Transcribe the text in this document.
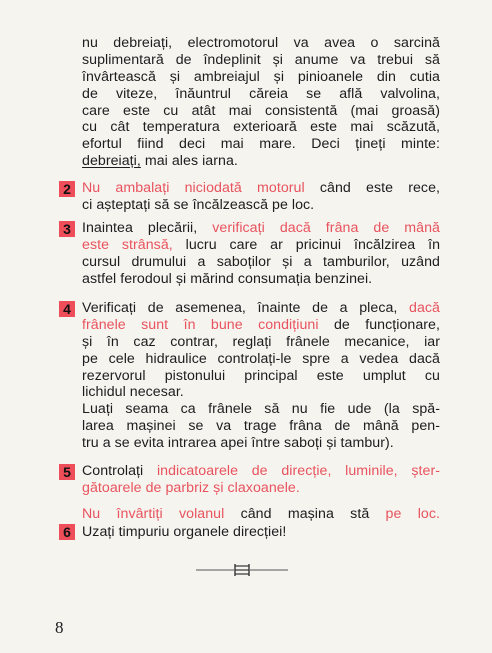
nu debreiați, electromotorul va avea o sarcină
suplimentară de îndeplinit și anume va trebui să
învârtească și ambreiajul și pinioanele din cutia
de viteze, înăuntrul căreia se află valvolina,
care este cu atât mai consistentă (mai groasă)
cu cât temperatura exterioară este mai scăzută,
efortul fiind deci mai mare. Deci țineți minte:
debreiați, mai ales iarna.
2 Nu ambalați niciodată motorul când este rece,
ci așteptați să se încălzească pe loc.
3 Inaintea plecării, verificați dacă frâna de mână
este strânsă, lucru care ar pricinui încălzirea în
cursul drumului a saboților și a tamburilor, uzând
astfel ferodoul și mărind consumația benzinei.
4 Verificați de asemenea, înainte de a pleca, dacă
frânele sunt în bune condițiuni de funcționare,
și în caz contrar, reglați frânele mecanice, iar
pe cele hidraulice controlați-le spre a vedea dacă
rezervorul pistonului principal este umplut cu
lichidul necesar.
Luați seama ca frânele să nu fie ude (la spă-
larea mașinei se va trage frâna de mână pen-
tru a se evita intrarea apei între saboți și tambur).
5 Controlați indicatoarele de direcție, luminile, șter-
gătoarele de parbriz și claxoanele.
6
Nu învârtiți volanul când mașina stă pe loc.
Uzați timpuriu organele direcției!
8
